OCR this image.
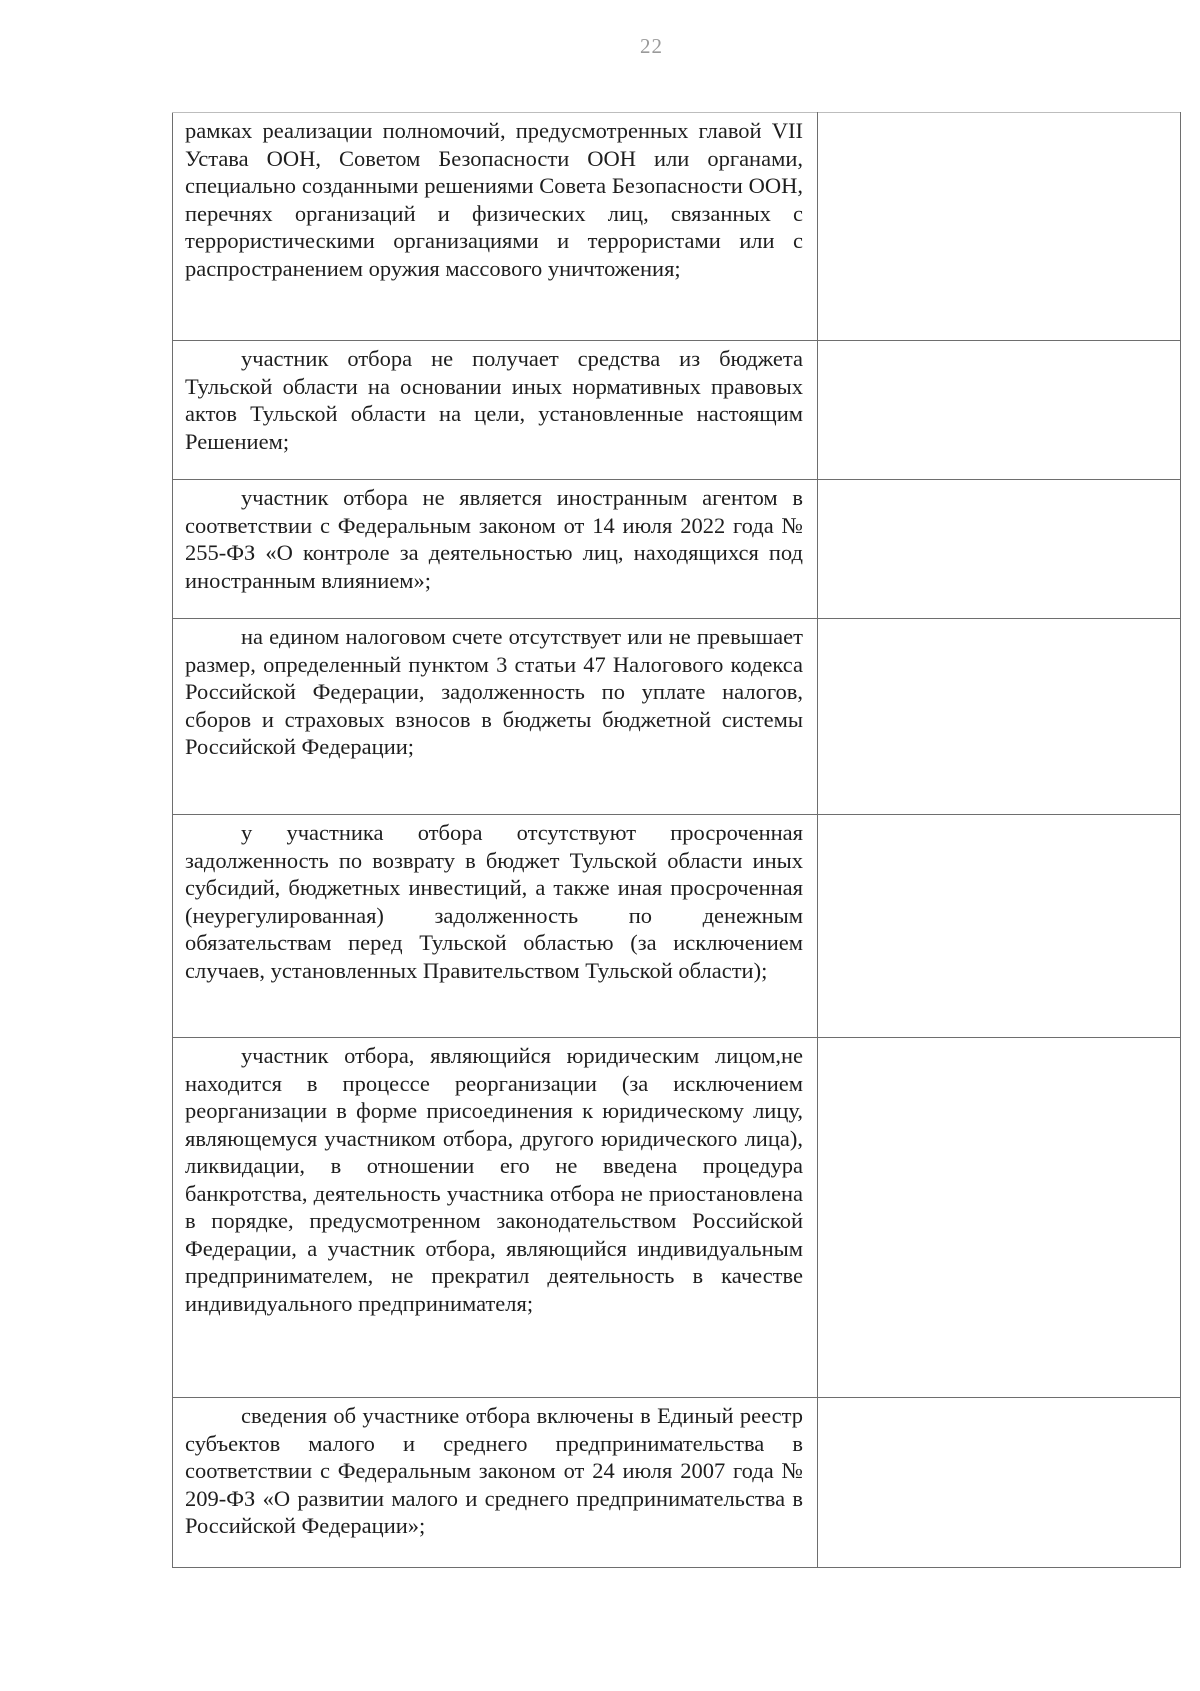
22

рамках реализации полномочий, предусмотренных главой VII Устава ООН, Советом Безопасности ООН или органами, специально созданными решениями Совета Безопасности ООН, перечнях организаций и физических лиц, связанных с террористическими организациями и террористами или с распространением оружия массового уничтожения;	

участник отбора не получает средства из бюджета Тульской области на основании иных нормативных правовых актов Тульской области на цели, установленные настоящим Решением;	

участник отбора не является иностранным агентом в соответствии с Федеральным законом от 14 июля 2022 года № 255-ФЗ «О контроле за деятельностью лиц, находящихся под иностранным влиянием»;	

на едином налоговом счете отсутствует или не превышает размер, определенный пунктом 3 статьи 47 Налогового кодекса Российской Федерации, задолженность по уплате налогов, сборов и страховых взносов в бюджеты бюджетной системы Российской Федерации;	

у участника отбора отсутствуют просроченная задолженность по возврату в бюджет Тульской области иных субсидий, бюджетных инвестиций, а также иная просроченная (неурегулированная) задолженность по денежным обязательствам перед Тульской областью (за исключением случаев, установленных Правительством Тульской области);	

участник отбора, являющийся юридическим лицом,не находится в процессе реорганизации (за исключением реорганизации в форме присоединения к юридическому лицу, являющемуся участником отбора, другого юридического лица), ликвидации, в отношении его не введена процедура банкротства, деятельность участника отбора не приостановлена в порядке, предусмотренном законодательством Российской Федерации, а участник отбора, являющийся индивидуальным предпринимателем, не прекратил деятельность в качестве индивидуального предпринимателя;	

сведения об участнике отбора включены в Единый реестр субъектов малого и среднего предпринимательства в соответствии с Федеральным законом от 24 июля 2007 года № 209-ФЗ «О развитии малого и среднего предпринимательства в Российской Федерации»;	
